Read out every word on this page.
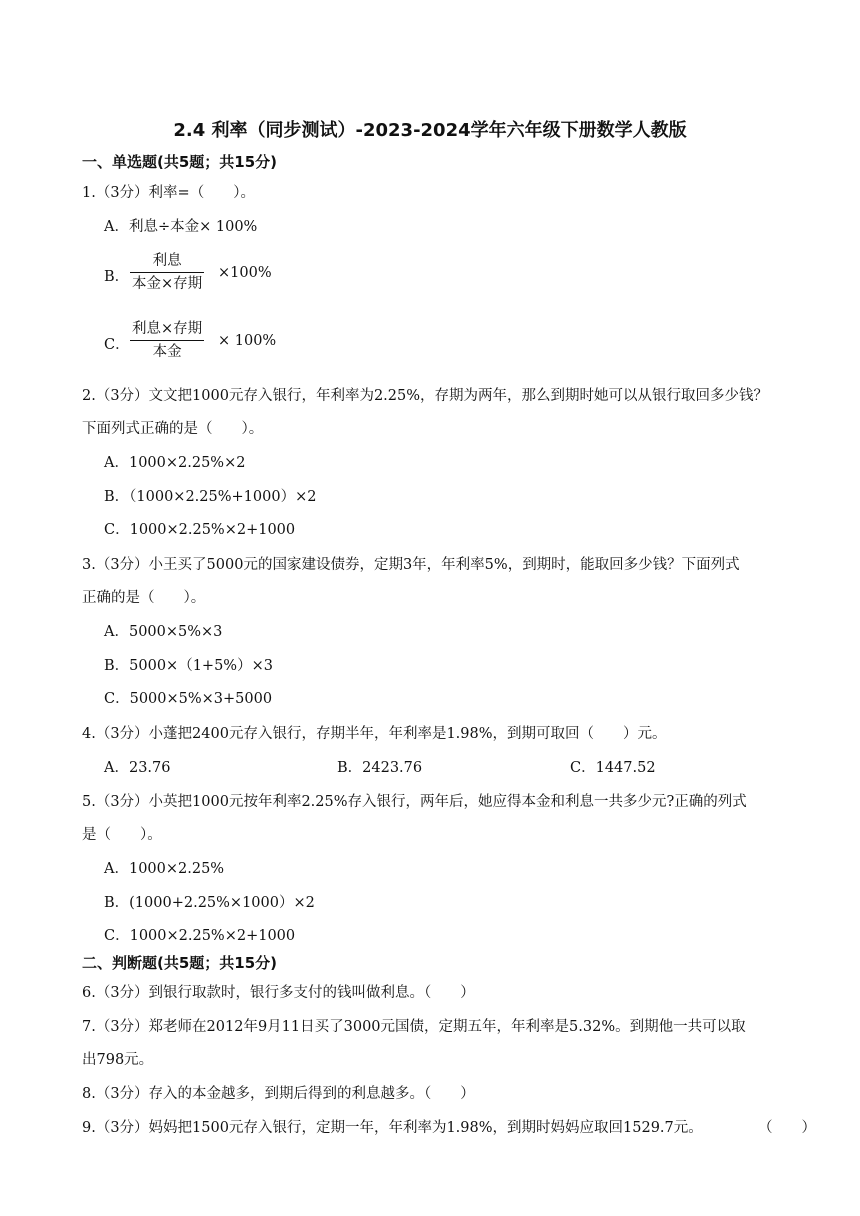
2.4 利率（同步测试）-2023-2024学年六年级下册数学人教版
一、单选题(共5题；共15分)
1.（3分）利率=（　　）。
A．利息÷本金× 100%
B．
利息
本金×存期
×100%
C．
利息×存期
本金
× 100%
2.（3分）文文把1000元存入银行，年利率为2.25%，存期为两年，那么到期时她可以从银行取回多少钱？
下面列式正确的是（　　）。
A．1000×2.25%×2
B．（1000×2.25%+1000）×2
C．1000×2.25%×2+1000
3.（3分）小王买了5000元的国家建设债券，定期3年，年利率5%，到期时，能取回多少钱？下面列式
正确的是（　　）。
A．5000×5%×3
B．5000×（1+5%）×3
C．5000×5%×3+5000
4.（3分）小蓬把2400元存入银行，存期半年，年利率是1.98%，到期可取回（　　）元。
A．23.76	B．2423.76	C．1447.52
5.（3分）小英把1000元按年利率2.25%存入银行，两年后，她应得本金和利息一共多少元?正确的列式
是（　　）。
A．1000×2.25%
B．(1000+2.25%×1000）×2
C．1000×2.25%×2+1000
二、判断题(共5题；共15分)
6.（3分）到银行取款时，银行多支付的钱叫做利息。（　　）
7.（3分）郑老师在2012年9月11日买了3000元国债，定期五年，年利率是5.32%。到期他一共可以取
出798元。
8.（3分）存入的本金越多，到期后得到的利息越多。（　　）
9.（3分）妈妈把1500元存入银行，定期一年，年利率为1.98%，到期时妈妈应取回1529.7元。	（　　）
